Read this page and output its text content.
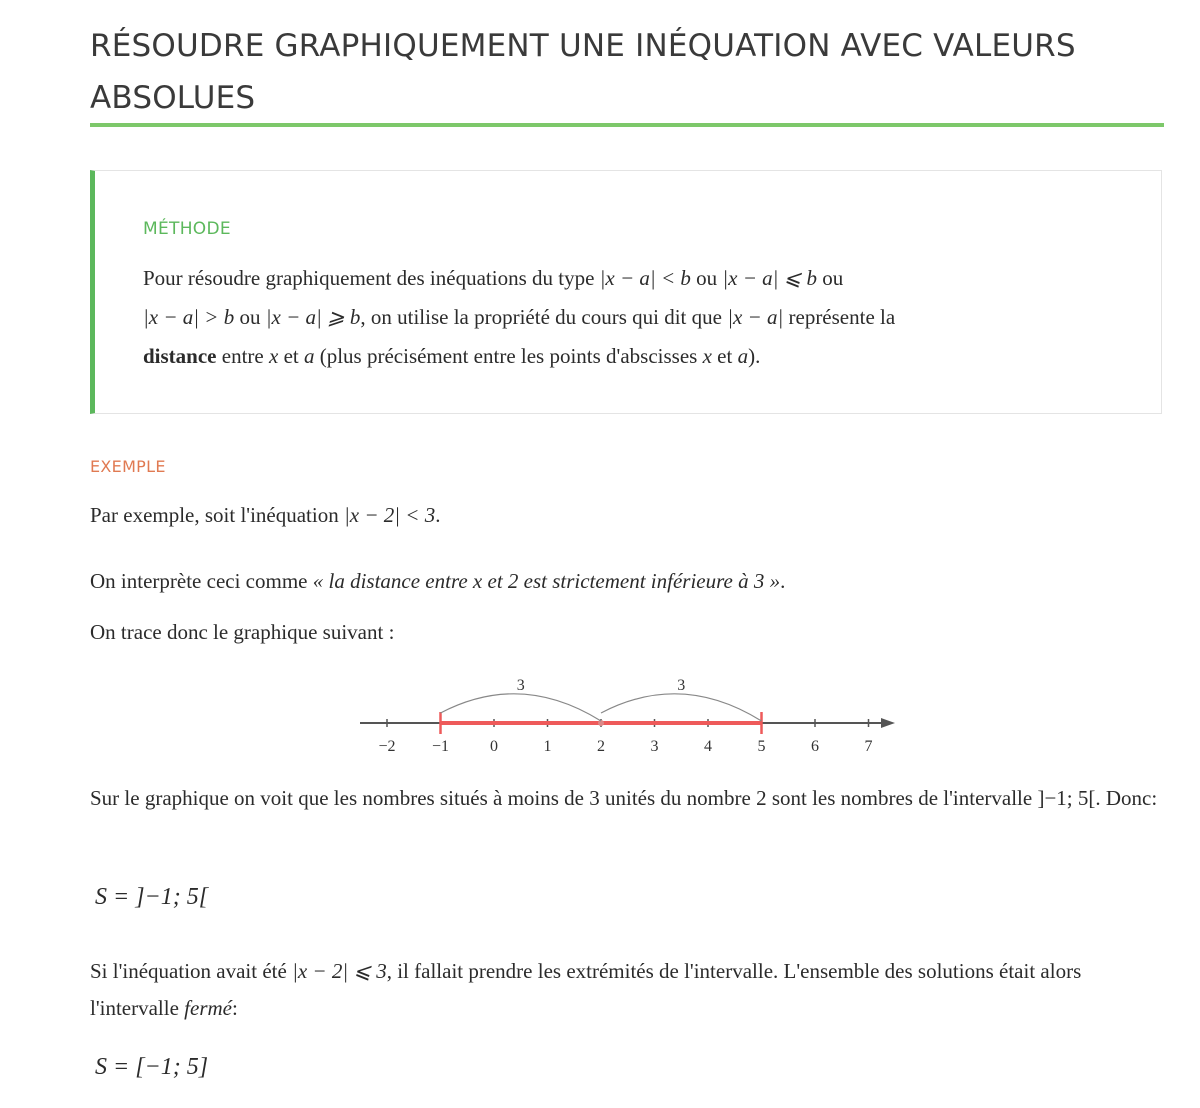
RÉSOUDRE GRAPHIQUEMENT UNE INÉQUATION AVEC VALEURS ABSOLUES
MÉTHODE
Pour résoudre graphiquement des inéquations du type |x − a| < b ou |x − a| ⩽ b ou
|x − a| > b ou |x − a| ⩾ b, on utilise la propriété du cours qui dit que |x − a| représente la
distance entre x et a (plus précisément entre les points d'abscisses x et a).
EXEMPLE
Par exemple, soit l'inéquation |x − 2| < 3.
On interprète ceci comme « la distance entre x et 2 est strictement inférieure à 3 ».
On trace donc le graphique suivant :
−2 −1	0	1	2	3	4	5	6	7
3	3
Sur le graphique on voit que les nombres situés à moins de 3 unités du nombre 2 sont les nombres de l'intervalle ]−1; 5[. Donc:
S = ]−1; 5[
Si l'inéquation avait été |x − 2| ⩽ 3, il fallait prendre les extrémités de l'intervalle. L'ensemble des solutions était alors l'intervalle fermé:
S = [−1; 5]
